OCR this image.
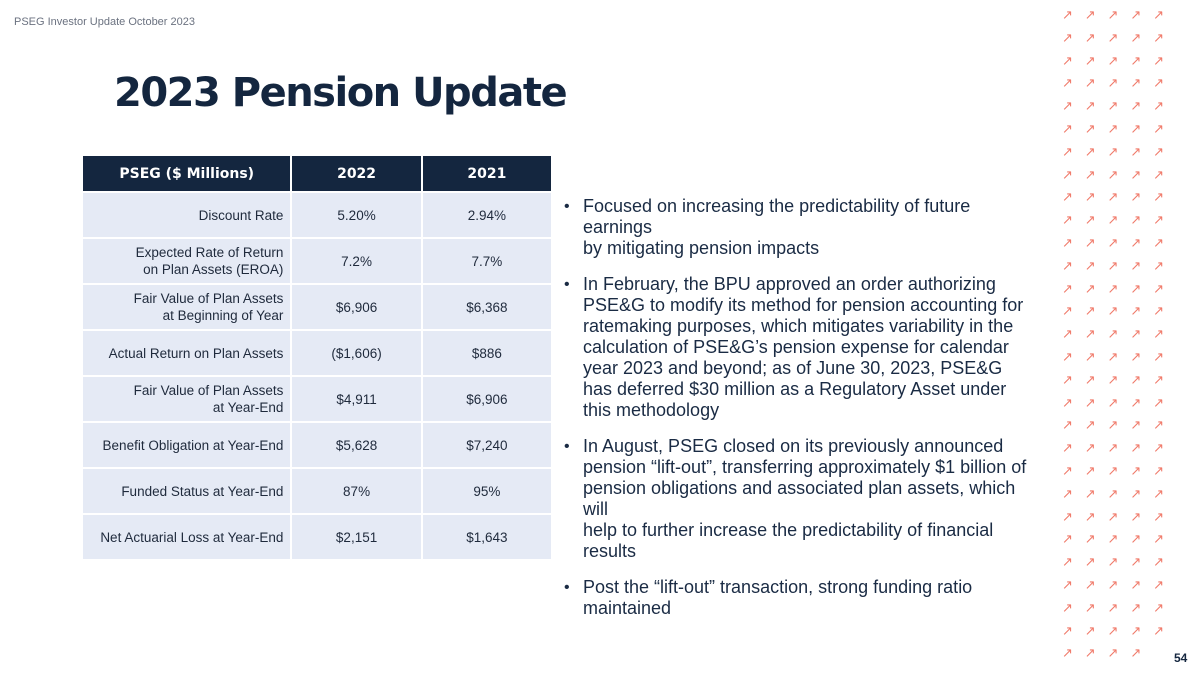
PSEG Investor Update October 2023
2023 Pension Update
PSEG ($ Millions)	2022	2021

Discount Rate	5.20%	2.94%

Expected Rate of Return
on Plan Assets (EROA)	7.2%	7.7%

Fair Value of Plan Assets
at Beginning of Year	$6,906	$6,368

Actual Return on Plan Assets	($1,606)	$886

Fair Value of Plan Assets
at Year-End	$4,911	$6,906

Benefit Obligation at Year-End	$5,628	$7,240

Funded Status at Year-End	87%	95%

Net Actuarial Loss at Year-End	$2,151	$1,643
• Focused on increasing the predictability of future earnings
by mitigating pension impacts
• In February, the BPU approved an order authorizing
PSE&G to modify its method for pension accounting for
ratemaking purposes, which mitigates variability in the
calculation of PSE&G’s pension expense for calendar
year 2023 and beyond; as of June 30, 2023, PSE&G
has deferred $30 million as a Regulatory Asset under
this methodology
• In August, PSEG closed on its previously announced
pension “lift-out”, transferring approximately $1 billion of
pension obligations and associated plan assets, which will
help to further increase the predictability of financial results
• Post the “lift-out” transaction, strong funding ratio maintained
↗ ↗ ↗ ↗ ↗
↗ ↗ ↗ ↗ ↗
↗ ↗ ↗ ↗ ↗
↗ ↗ ↗ ↗ ↗
↗ ↗ ↗ ↗ ↗
↗ ↗ ↗ ↗ ↗
↗ ↗ ↗ ↗ ↗
↗ ↗ ↗ ↗ ↗
↗ ↗ ↗ ↗ ↗
↗ ↗ ↗ ↗ ↗
↗ ↗ ↗ ↗ ↗
↗ ↗ ↗ ↗ ↗
↗ ↗ ↗ ↗ ↗
↗ ↗ ↗ ↗ ↗
↗ ↗ ↗ ↗ ↗
↗ ↗ ↗ ↗ ↗
↗ ↗ ↗ ↗ ↗
↗ ↗ ↗ ↗ ↗
↗ ↗ ↗ ↗ ↗
↗ ↗ ↗ ↗ ↗
↗ ↗ ↗ ↗ ↗
↗ ↗ ↗ ↗ ↗
↗ ↗ ↗ ↗ ↗
↗ ↗ ↗ ↗ ↗
↗ ↗ ↗ ↗ ↗
↗ ↗ ↗ ↗ ↗
↗ ↗ ↗ ↗ ↗
↗ ↗ ↗ ↗ ↗
↗ ↗ ↗ ↗	54
